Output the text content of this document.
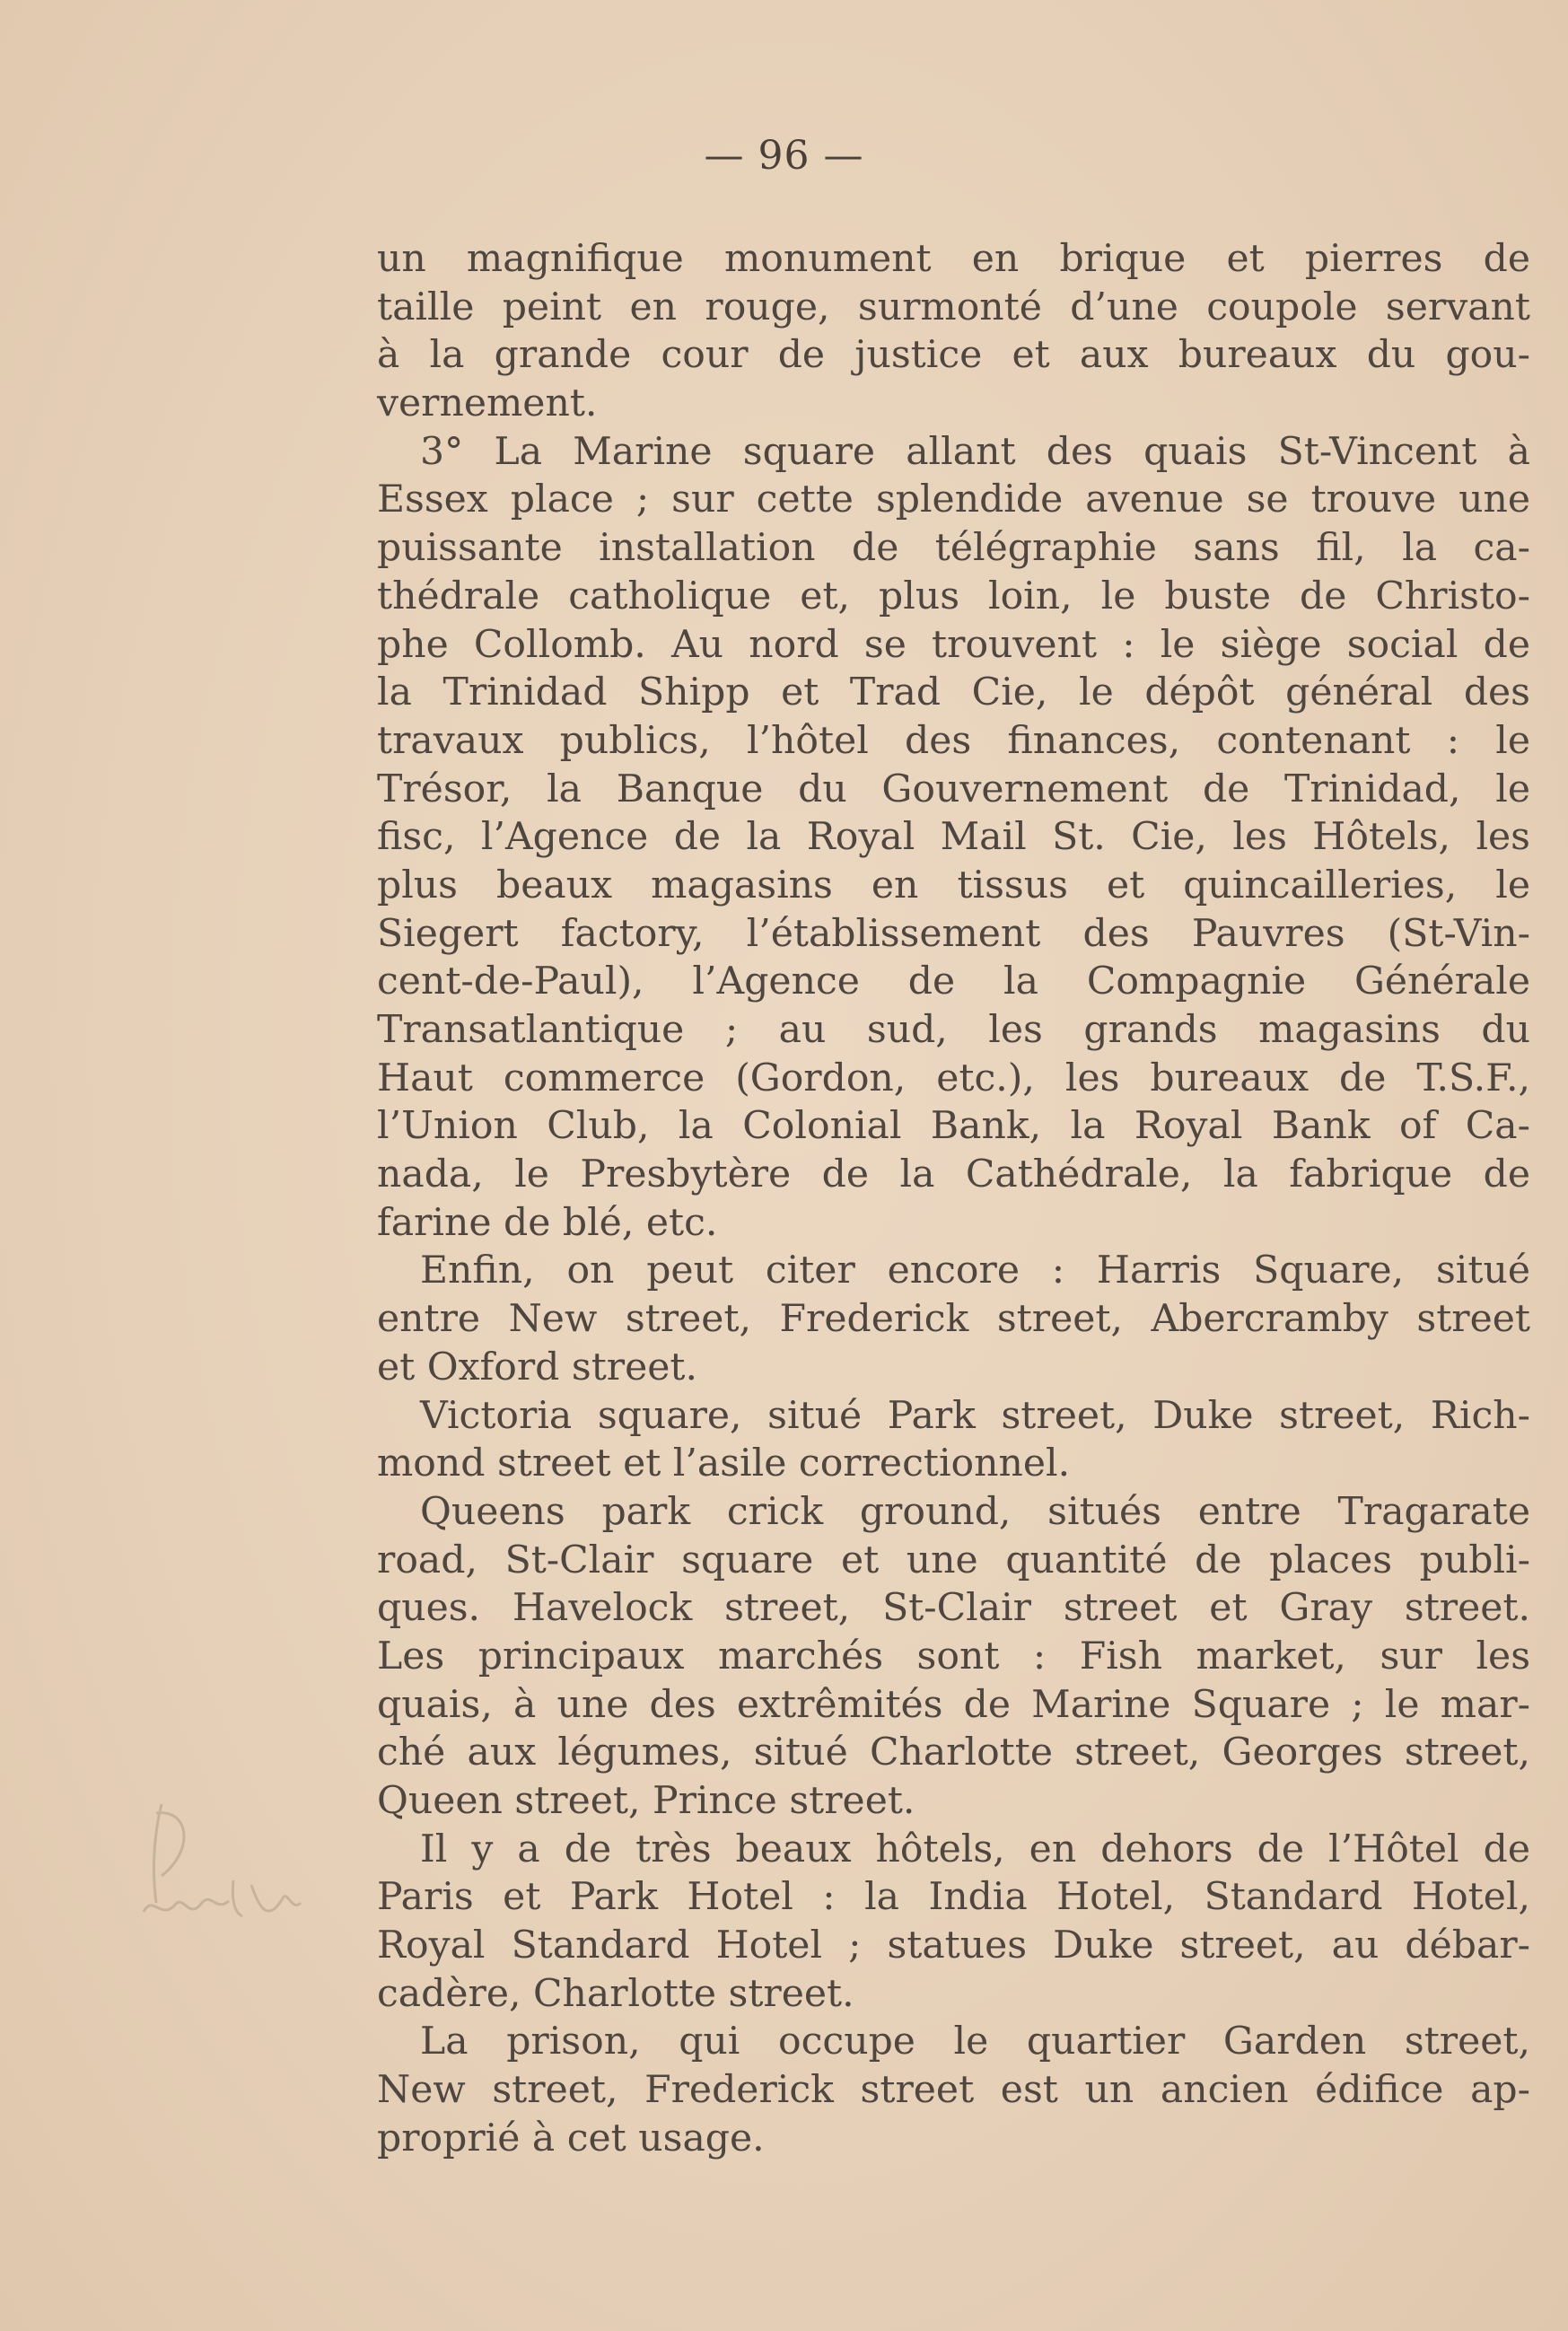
— 96 —
un magnifique monument en brique et pierres de
taille peint en rouge, surmonté d’une coupole servant
à la grande cour de justice et aux bureaux du gou-
vernement.
3° La Marine square allant des quais St-Vincent à
Essex place ; sur cette splendide avenue se trouve une
puissante installation de télégraphie sans fil, la ca-
thédrale catholique et, plus loin, le buste de Christo-
phe Collomb. Au nord se trouvent : le siège social de
la Trinidad Shipp et Trad Cie, le dépôt général des
travaux publics, l’hôtel des finances, contenant : le
Trésor, la Banque du Gouvernement de Trinidad, le
fisc, l’Agence de la Royal Mail St. Cie, les Hôtels, les
plus beaux magasins en tissus et quincailleries, le
Siegert factory, l’établissement des Pauvres (St-Vin-
cent-de-Paul), l’Agence de la Compagnie Générale
Transatlantique ; au sud, les grands magasins du
Haut commerce (Gordon, etc.), les bureaux de T.S.F.,
l’Union Club, la Colonial Bank, la Royal Bank of Ca-
nada, le Presbytère de la Cathédrale, la fabrique de
farine de blé, etc.
Enfin, on peut citer encore : Harris Square, situé
entre New street, Frederick street, Abercramby street
et Oxford street.
Victoria square, situé Park street, Duke street, Rich-
mond street et l’asile correctionnel.
Queens park crick ground, situés entre Tragarate
road, St-Clair square et une quantité de places publi-
ques. Havelock street, St-Clair street et Gray street.
Les principaux marchés sont : Fish market, sur les
quais, à une des extrêmités de Marine Square ; le mar-
ché aux légumes, situé Charlotte street, Georges street,
Queen street, Prince street.
Il y a de très beaux hôtels, en dehors de l’Hôtel de
Paris et Park Hotel : la India Hotel, Standard Hotel,
Royal Standard Hotel ; statues Duke street, au débar-
cadère, Charlotte street.
La prison, qui occupe le quartier Garden street,
New street, Frederick street est un ancien édifice ap-
proprié à cet usage.
